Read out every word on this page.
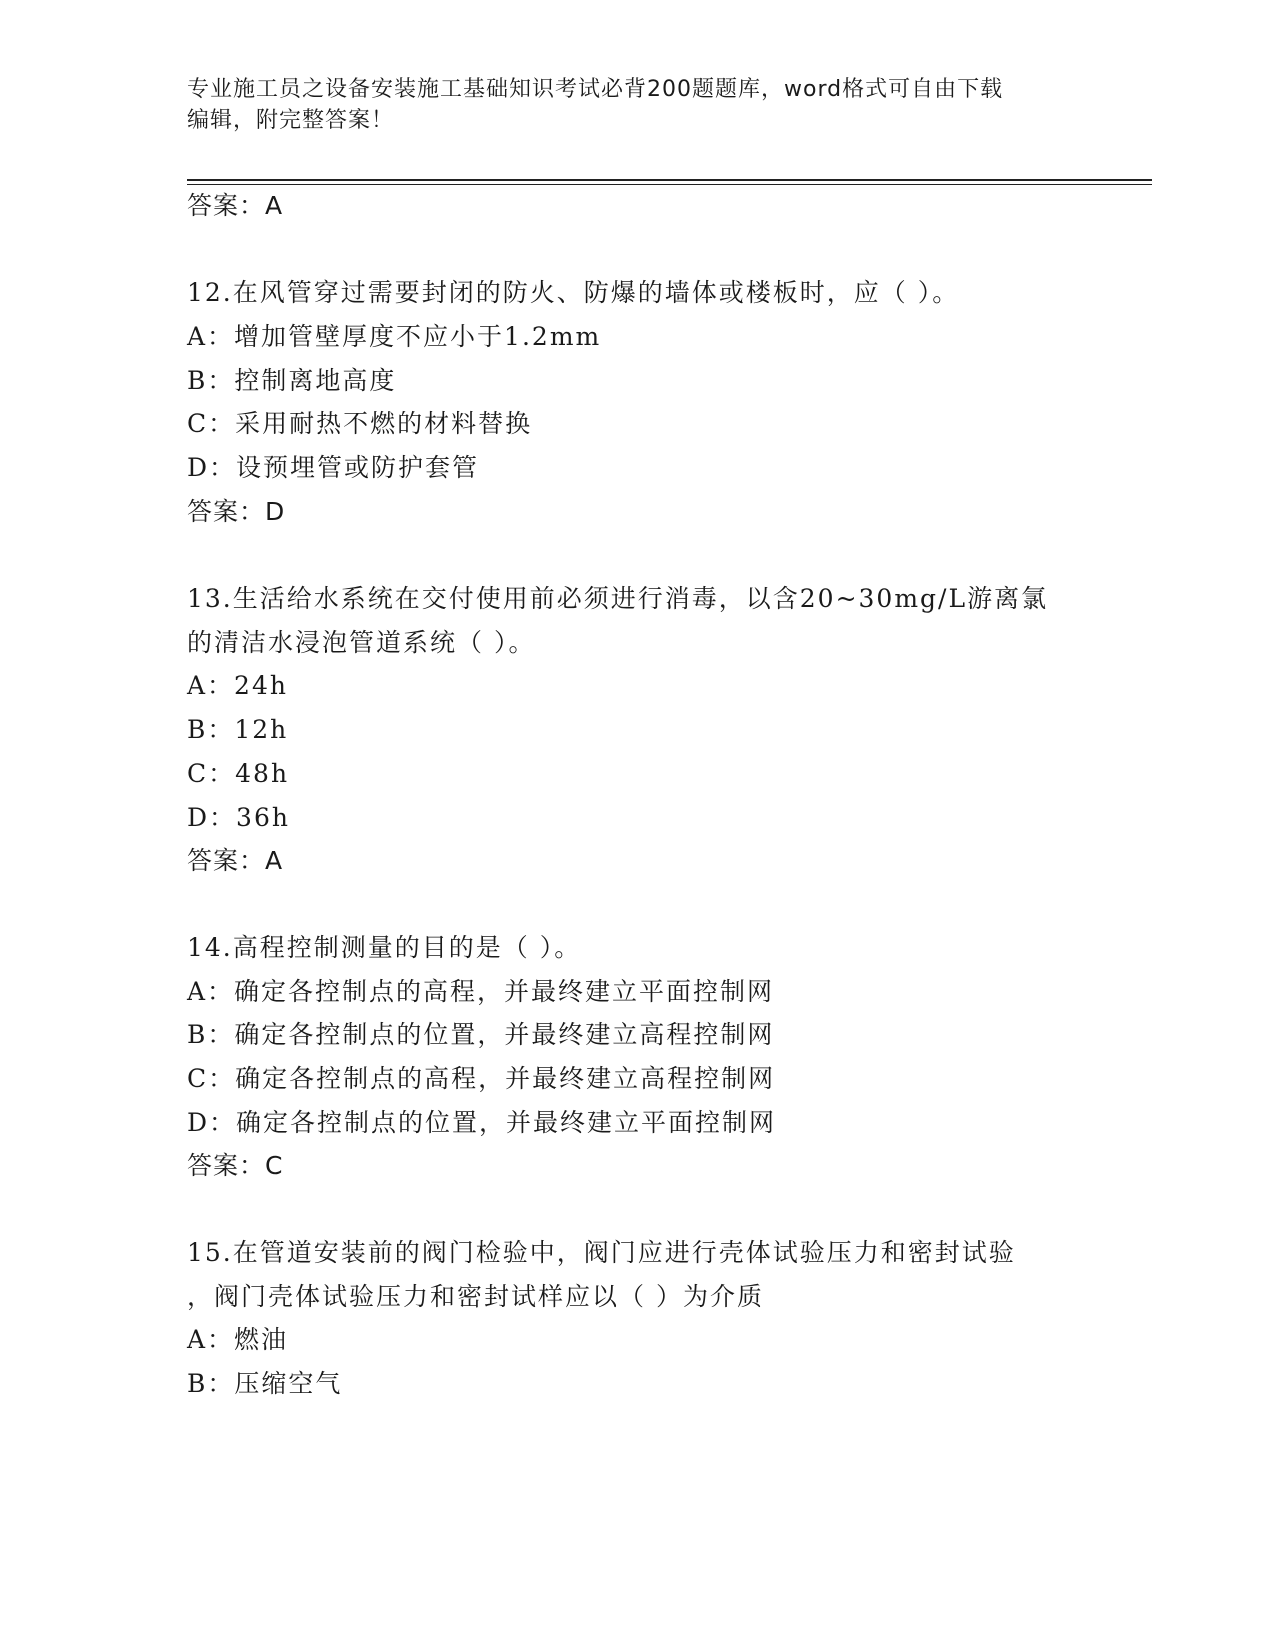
专业施工员之设备安装施工基础知识考试必背200题题库，word格式可自由下载
编辑，附完整答案！
答案：A
12.在风管穿过需要封闭的防火、防爆的墙体或楼板时，应（ ）。
A：增加管壁厚度不应小于1.2mm
B：控制离地高度
C：采用耐热不燃的材料替换
D：设预埋管或防护套管
答案：D
13.生活给水系统在交付使用前必须进行消毒，以含20~30mg/L游离氯
的清洁水浸泡管道系统（ ）。
A：24h
B：12h
C：48h
D：36h
答案：A
14.高程控制测量的目的是（ ）。
A：确定各控制点的高程，并最终建立平面控制网
B：确定各控制点的位置，并最终建立高程控制网
C：确定各控制点的高程，并最终建立高程控制网
D：确定各控制点的位置，并最终建立平面控制网
答案：C
15.在管道安装前的阀门检验中，阀门应进行壳体试验压力和密封试验
，阀门壳体试验压力和密封试样应以（ ）为介质
A：燃油
B：压缩空气
